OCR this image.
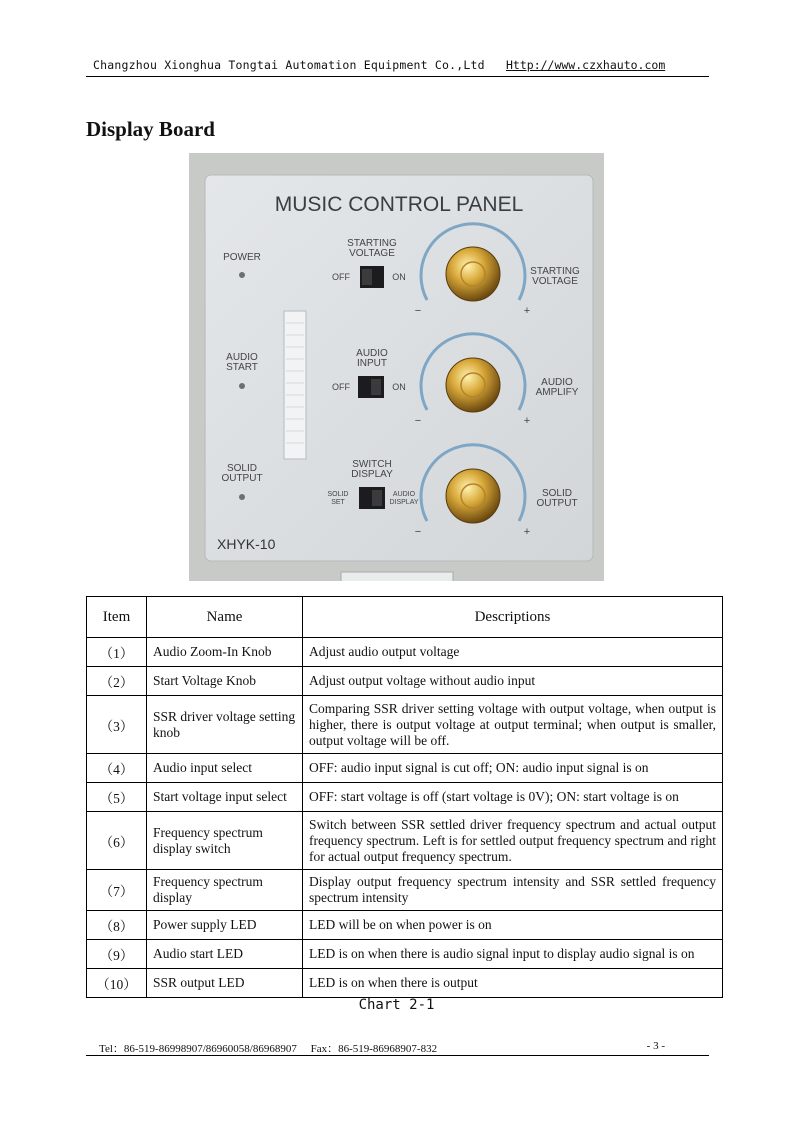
Changzhou Xionghua Tongtai Automation Equipment Co.,Ltd Http://www.czxhauto.com
Display Board
MUSIC CONTROL PANEL
POWER
AUDIO
START
SOLID
OUTPUT
STARTING
VOLTAGE
OFF	ON
AUDIO
INPUT
OFF	ON
SWITCH
DISPLAY
SOLID
SET
AUDIO
DISPLAY
STARTING
VOLTAGE
AUDIO
AMPLIFY
SOLID
OUTPUT
−	+
−	+
−	+
XHYK-10
Item	Name	Descriptions
（1）	Audio Zoom-In Knob	Adjust audio output voltage
（2）	Start Voltage Knob	Adjust output voltage without audio input
（3）	SSR driver voltage setting knob	Comparing SSR driver setting voltage with output voltage, when output is higher, there is output voltage at output terminal; when output is smaller, output voltage will be off.
（4）	Audio input select	OFF: audio input signal is cut off; ON: audio input signal is on
（5）	Start voltage input select	OFF: start voltage is off (start voltage is 0V); ON: start voltage is on
（6）	Frequency spectrum display switch	Switch between SSR settled driver frequency spectrum and actual output frequency spectrum. Left is for settled output frequency spectrum and right for actual output frequency spectrum.
（7）	Frequency spectrum display	Display output frequency spectrum intensity and SSR settled frequency spectrum intensity
（8）	Power supply LED	LED will be on when power is on
（9）	Audio start LED	LED is on when there is audio signal input to display audio signal is on
（10）	SSR output LED	LED is on when there is output
Chart 2-1
Tel：86-519-86998907/86960058/86968907　 Fax：86-519-86968907-832	- 3 -
